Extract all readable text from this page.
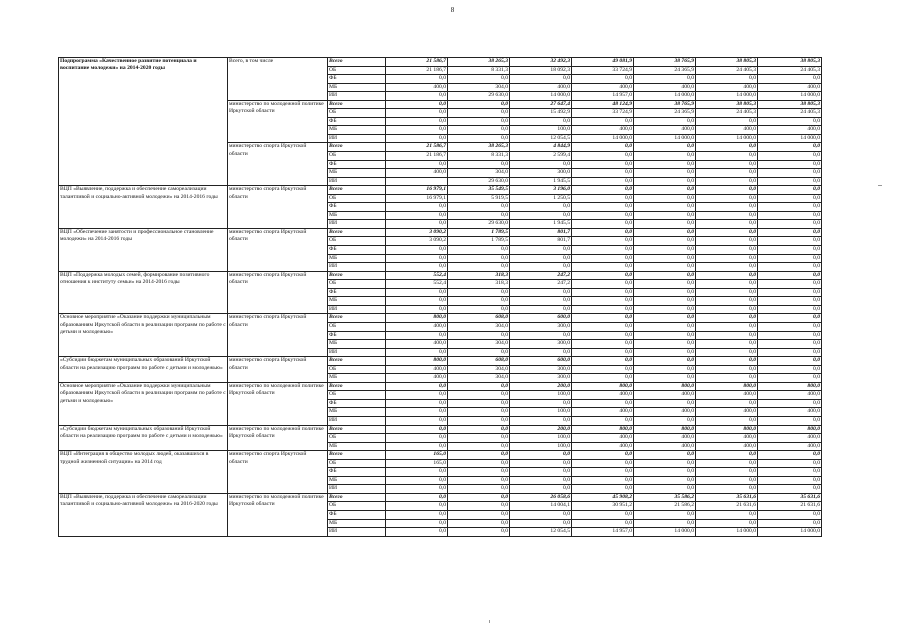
8
Подпрограмма «Качественное развитие потенциала и воспитание молодежи» на 2014-2020 годы	Всего, в том числе	Всего	21 586,7	38 265,3	32 492,3	49 081,9	38 765,9	38 805,3	38 805,3
		ОБ	21 186,7	8 331,3	18 092,3	33 724,9	24 365,9	24 405,3	24 405,3
		ФБ	0,0	0,0	0,0	0,0	0,0	0,0	0,0
		МБ	400,0	304,0	400,0	400,0	400,0	400,0	400,0
		ИИ	0,0	29 630,0	14 000,0	14 957,0	14 000,0	14 000,0	14 000,0
	министерство по молодежной политике Иркутской области	Всего	0,0	0,0	27 647,4	48 124,9	38 765,9	38 805,3	38 805,3
		ОБ	0,0	0,0	15 492,9	33 724,9	24 365,9	24 405,3	24 405,3
		ФБ	0,0	0,0	0,0	0,0	0,0	0,0	0,0
		МБ	0,0	0,0	100,0	400,0	400,0	400,0	400,0
		ИИ	0,0	0,0	12 054,5	14 000,0	14 000,0	14 000,0	14 000,0
	министерство спорта Иркутской области	Всего	21 586,7	38 265,3	4 844,9	0,0	0,0	0,0	0,0
		ОБ	21 186,7	8 331,3	2 599,4	0,0	0,0	0,0	0,0
		ФБ	0,0	0,0	0,0	0,0	0,0	0,0	0,0
		МБ	400,0	304,0	300,0	0,0	0,0	0,0	0,0
		ИИ		29 630,0	1 945,5	0,0	0,0	0,0	0,0
ВЦП «Выявление, поддержка и обеспечение самореализации талантливой и социально-активной молодежи» на 2014-2016 годы	министерство спорта Иркутской области	Всего	16 979,1	35 549,5	3 196,0	0,0	0,0	0,0	0,0
		ОБ	16 979,1	5 919,5	1 250,5	0,0	0,0	0,0	0,0
		ФБ	0,0	0,0	0,0	0,0	0,0	0,0	0,0
		МБ	0,0	0,0	0,0	0,0	0,0	0,0	0,0
		ИИ	0,0	29 630,0	1 945,5	0,0	0,0	0,0	0,0
ВЦП «Обеспечение занятости и профессиональное становление молодежи» на 2014-2016 годы	министерство спорта Иркутской области	Всего	3 090,2	1 789,5	801,7	0,0	0,0	0,0	0,0
		ОБ	3 090,2	1 789,5	801,7	0,0	0,0	0,0	0,0
		ФБ	0,0	0,0	0,0	0,0	0,0	0,0	0,0
		МБ	0,0	0,0	0,0	0,0	0,0	0,0	0,0
		ИИ	0,0	0,0	0,0	0,0	0,0	0,0	0,0
ВЦП «Поддержка молодых семей, формирование позитивного отношения к институту семьи» на 2014-2016 годы	министерство спорта Иркутской области	Всего	552,4	318,3	247,2	0,0	0,0	0,0	0,0
		ОБ	552,4	318,3	247,2	0,0	0,0	0,0	0,0
		ФБ	0,0	0,0	0,0	0,0	0,0	0,0	0,0
		МБ	0,0	0,0	0,0	0,0	0,0	0,0	0,0
		ИИ	0,0	0,0	0,0	0,0	0,0	0,0	0,0
Основное мероприятие «Оказание поддержки муниципальным образованиям Иркутской области в реализации программ по работе с детьми и молодежью»	министерство спорта Иркутской области	Всего	800,0	608,0	600,0	0,0	0,0	0,0	0,0
		ОБ	400,0	304,0	300,0	0,0	0,0	0,0	0,0
		ФБ	0,0	0,0	0,0	0,0	0,0	0,0	0,0
		МБ	400,0	304,0	300,0	0,0	0,0	0,0	0,0
		ИИ	0,0	0,0	0,0	0,0	0,0	0,0	0,0
«Субсидии бюджетам муниципальных образований Иркутской области на реализацию программ по работе с детьми и молодежью»	министерство спорта Иркутской области	Всего	800,0	608,0	600,0	0,0	0,0	0,0	0,0
		ОБ	400,0	304,0	300,0	0,0	0,0	0,0	0,0
		МБ	400,0	304,0	300,0	0,0	0,0	0,0	0,0
Основное мероприятие «Оказание поддержки муниципальным образованиям Иркутской области в реализации программ по работе с детьми и молодежью»	министерство по молодежной политике Иркутской области	Всего	0,0	0,0	200,0	800,0	800,0	800,0	800,0
		ОБ	0,0	0,0	100,0	400,0	400,0	400,0	400,0
		ФБ	0,0	0,0	0,0	0,0	0,0	0,0	0,0
		МБ	0,0	0,0	100,0	400,0	400,0	400,0	400,0
		ИИ	0,0	0,0	0,0	0,0	0,0	0,0	0,0
«Субсидии бюджетам муниципальных образований Иркутской области на реализацию программ по работе с детьми и молодежью»	министерство по молодежной политике Иркутской области	Всего	0,0	0,0	200,0	800,0	800,0	800,0	800,0
		ОБ	0,0	0,0	100,0	400,0	400,0	400,0	400,0
		МБ	0,0	0,0	100,0	400,0	400,0	400,0	400,0
ВЦП «Интеграция в общество молодых людей, оказавшихся в трудной жизненной ситуации» на 2014 год	министерство спорта Иркутской области	Всего	165,0	0,0	0,0	0,0	0,0	0,0	0,0
		ОБ	165,0	0,0	0,0	0,0	0,0	0,0	0,0
		ФБ	0,0	0,0	0,0	0,0	0,0	0,0	0,0
		МБ	0,0	0,0	0,0	0,0	0,0	0,0	0,0
		ИИ	0,0	0,0	0,0	0,0	0,0	0,0	0,0
ВЦП «Выявление, поддержка и обеспечение самореализации талантливой и социально-активной молодежи» на 2016-2020 годы	министерство по молодежной политике Иркутской области	Всего	0,0	0,0	26 058,6	45 908,2	35 586,2	35 631,6	35 631,6
		ОБ	0,0	0,0	14 004,1	30 951,2	21 586,2	21 631,6	21 631,6
		ФБ	0,0	0,0	0,0	0,0	0,0	0,0	0,0
		МБ	0,0	0,0	0,0	0,0	0,0	0,0	0,0
		ИИ	0,0	0,0	12 054,5	14 957,0	14 000,0	14 000,0	14 000,0
